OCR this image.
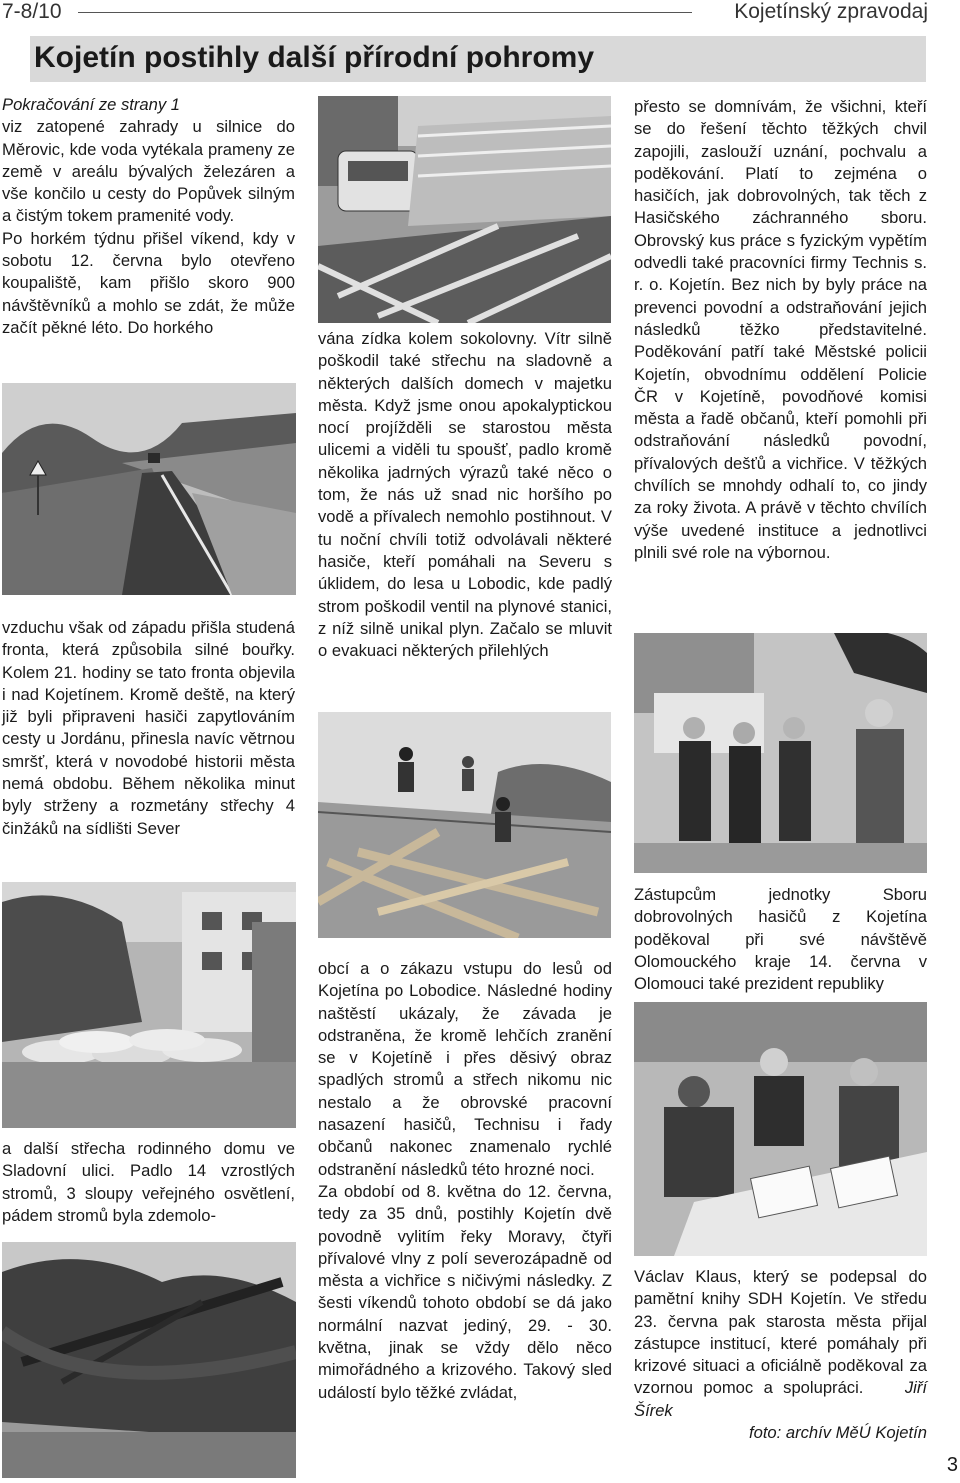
7-8/10	Kojetínský zpravodaj
Kojetín postihly další přírodní pohromy

Pokračování ze strany 1

viz zatopené zahrady u silnice do Měrovic, kde voda vytékala prameny ze země v areálu bývalých železáren a vše končilo u cesty do Popůvek silným a čistým tokem pramenité vody.

Po horkém týdnu přišel víkend, kdy v sobotu 12. června bylo otevřeno koupaliště, kam přišlo skoro 900 návštěvníků a mohlo se zdát, že může začít pěkné léto. Do horkého

vzduchu však od západu přišla studená fronta, která způsobila silné bouřky. Kolem 21. hodiny se tato fronta objevila i nad Kojetínem. Kromě deště, na který již byli připraveni hasiči zapytlováním cesty u Jordánu, přinesla navíc větrnou smršť, která v novodobé historii města nemá obdobu. Během několika minut byly strženy a rozmetány střechy 4 činžáků na sídlišti Sever

a další střecha rodinného domu ve Sladovní ulici. Padlo 14 vzrostlých stromů, 3 sloupy veřejného osvětlení, pádem stromů byla zdemolo-

vána zídka kolem sokolovny. Vítr silně poškodil také střechu na sladovně a některých dalších domech v majetku města. Když jsme onou apokalyptickou nocí projížděli se starostou města ulicemi a viděli tu spoušť, padlo kromě několika jadrných výrazů také něco o tom, že nás už snad nic horšího po vodě a přívalech nemohlo postihnout. V tu noční chvíli totiž odvolávali některé hasiče, kteří pomáhali na Severu s úklidem, do lesa u Lobodic, kde padlý strom poškodil ventil na plynové stanici, z níž silně unikal plyn. Začalo se mluvit o evakuaci některých přilehlých

obcí a o zákazu vstupu do lesů od Kojetína po Lobodice. Následné hodiny naštěstí ukázaly, že závada je odstraněna, že kromě lehčích zranění se v Kojetíně i přes děsivý obraz spadlých stromů a střech nikomu nic nestalo a že obrovské pracovní nasazení hasičů, Technisu i řady občanů nakonec znamenalo rychlé odstranění následků této hrozné noci.

Za období od 8. května do 12. června, tedy za 35 dnů, postihly Kojetín dvě povodně vylitím řeky Moravy, čtyři přívalové vlny z polí severozápadně od města a vichřice s ničivými následky. Z šesti víkendů tohoto období se dá jako normální nazvat jediný, 29. - 30. května, jinak se vždy dělo něco mimořádného a krizového. Takový sled událostí bylo těžké zvládat,

přesto se domnívám, že všichni, kteří se do řešení těchto těžkých chvil zapojili, zaslouží uznání, pochvalu a poděkování. Platí to zejména o hasičích, jak dobrovolných, tak těch z Hasičského záchranného sboru. Obrovský kus práce s fyzickým vypětím odvedli také pracovníci firmy Technis s. r. o. Kojetín. Bez nich by byly práce na prevenci povodní a odstraňování jejich následků těžko představitelné. Poděkování patří také Městské policii Kojetín, obvodnímu oddělení Policie ČR v Kojetíně, povodňové komisi města a řadě občanů, kteří pomohli při odstraňování následků povodní, přívalových dešťů a vichřice. V těžkých chvílích se mnohdy odhalí to, co jindy za roky života. A právě v těchto chvílích výše uvedené instituce a jednotlivci plnili své role na výbornou.

Zástupcům jednotky Sboru dobrovolných hasičů z Kojetína poděkoval při své návštěvě Olomouckého kraje 14. června v Olomouci také prezident republiky

Václav Klaus, který se podepsal do pamětní knihy SDH Kojetín. Ve středu 23. června pak starosta města přijal zástupce institucí, které pomáhaly při krizové situaci a oficiálně poděkoval za vzornou pomoc a spolupráci. Jiří Šírek

foto: archív MěÚ Kojetín

3
